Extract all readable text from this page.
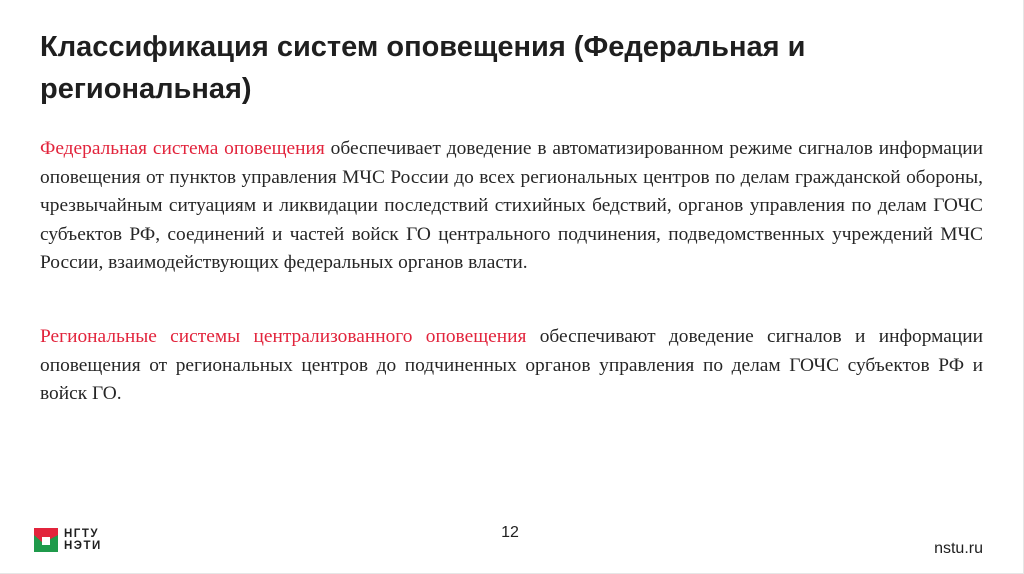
Классификация систем оповещения (Федеральная и региональная)

Федеральная система оповещения обеспечивает доведение в автоматизированном режиме сигналов информации оповещения от пунктов управления МЧС России до всех региональных центров по делам гражданской обороны, чрезвычайным ситуациям и ликвидации последствий стихийных бедствий, органов управления по делам ГОЧС субъектов РФ, соединений и частей войск ГО центрального подчинения, подведомственных учреждений МЧС России, взаимодействующих федеральных органов власти.

Региональные системы централизованного оповещения обеспечивают доведение сигналов и информации оповещения от региональных центров до подчиненных органов управления по делам ГОЧС субъектов РФ и войск ГО.

12
НГТУ
НЭТИ	nstu.ru
